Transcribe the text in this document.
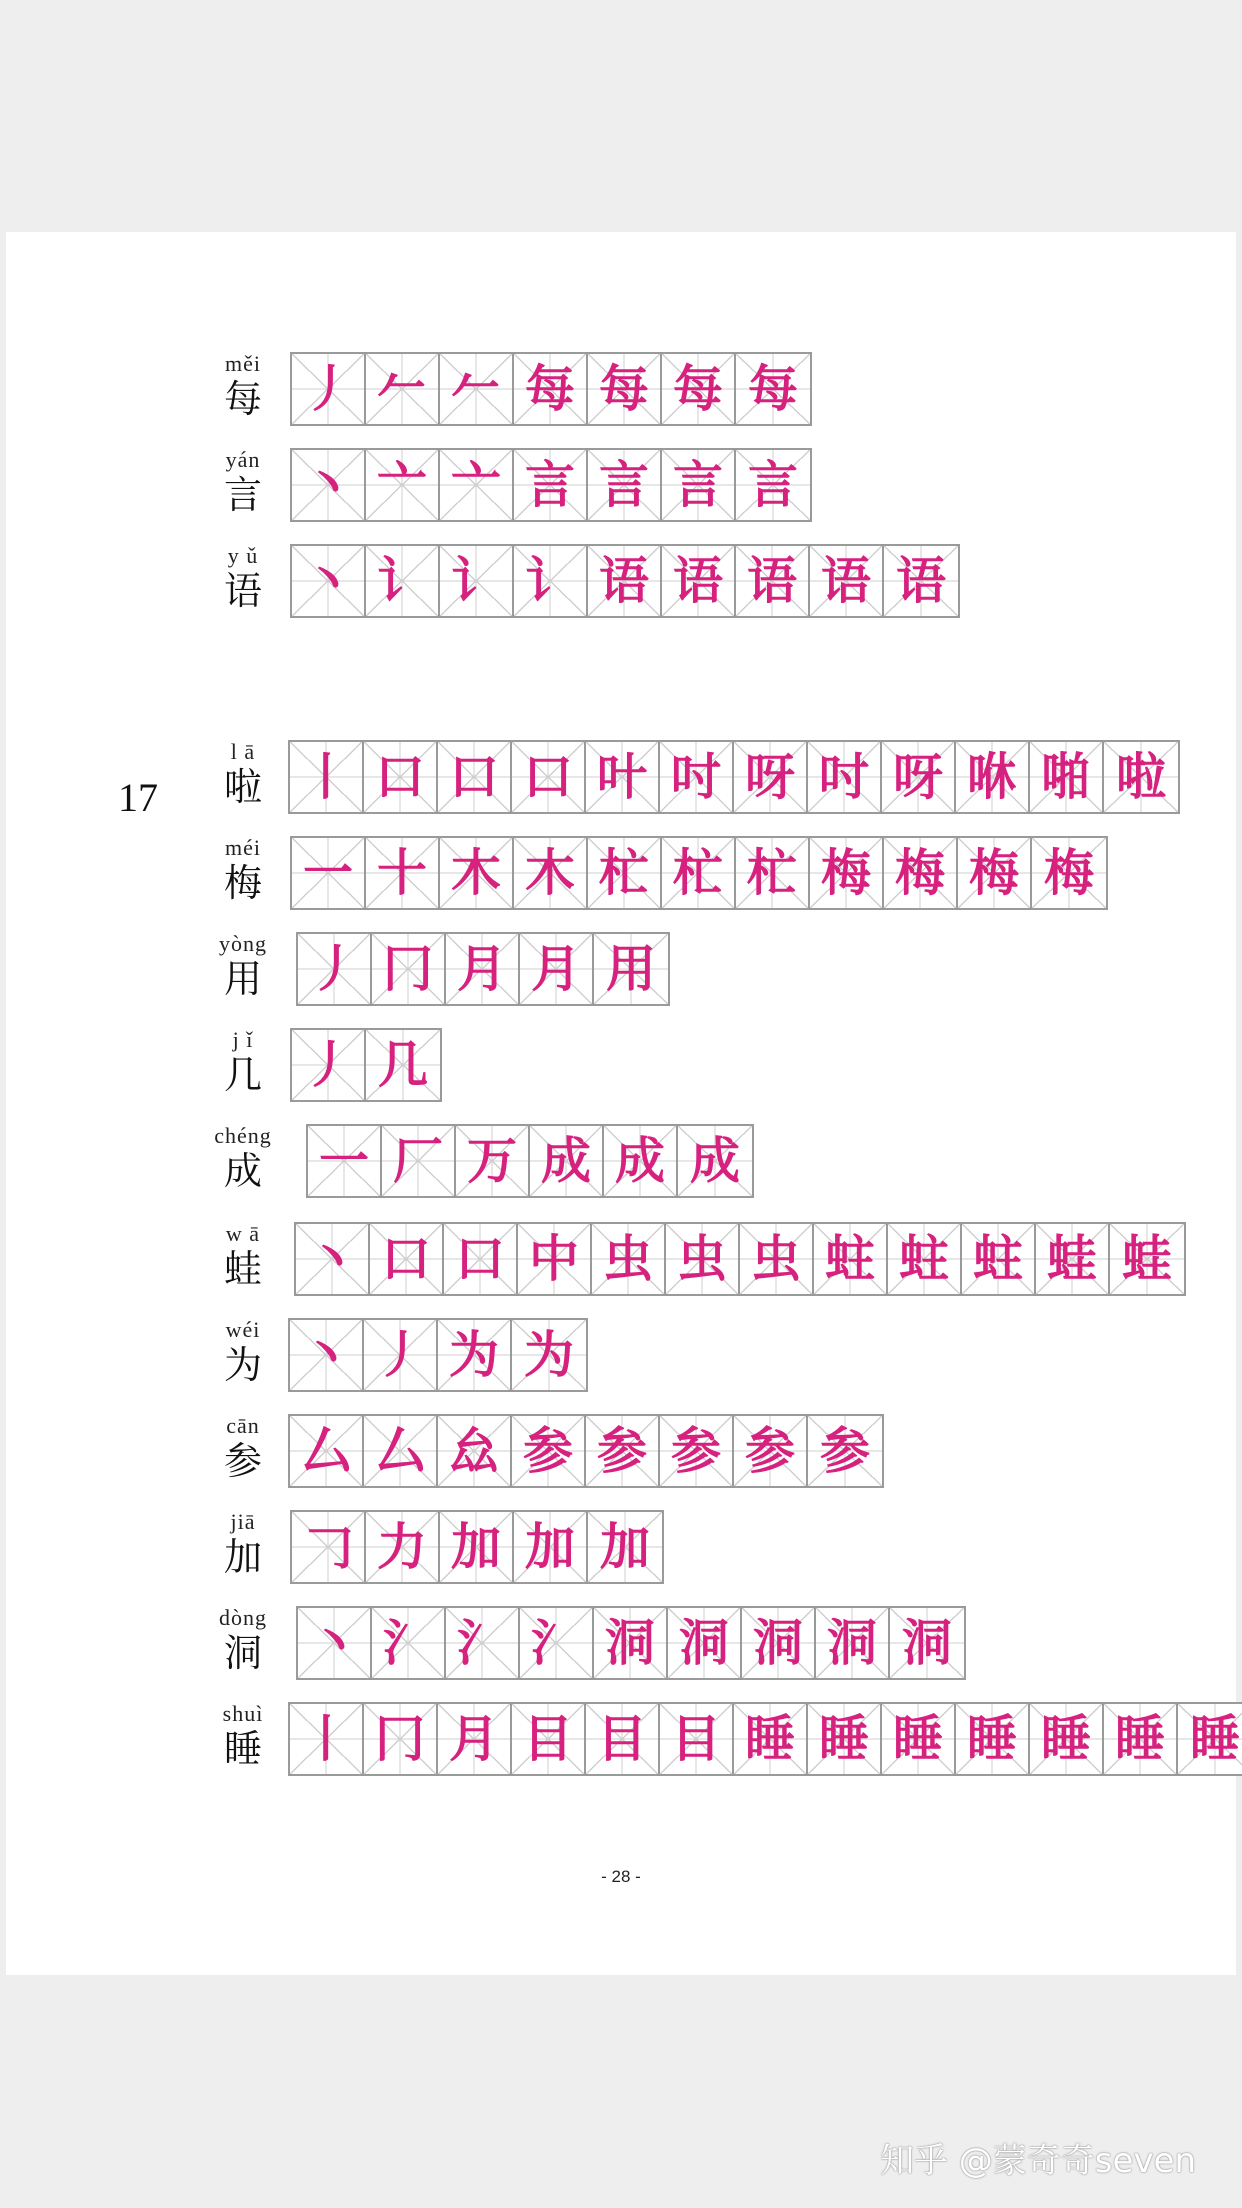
17
měi
每 丿 𠂉 𠂉 每 每 每 每
yán
言 丶 亠 亠 言 言 言 言
y ǔ
语 丶 讠 讠 讠 语 语 语 语 语
l ā
啦 丨 口 口 口 叶 吋 呀 吋 呀 咻 啪 啦
méi
梅 一 十 木 木 杧 杧 杧 梅 梅 梅 梅
yòng
用 丿 冂 月 月 用
j ǐ
几 丿 几
chéng
成	一 厂 万 成 成 成
w ā
蛙 丶 口 口 中 虫 虫 虫 蛀 蛀 蛀 蛙 蛙
wéi
为 丶 丿 为 为
cān
参 厶 厶 厽 参 参 参 参 参
jiā
加 𠃌 力 加 加 加
dòng
洞 丶 氵 氵 氵 洞 洞 洞 洞 洞
shuì
睡 丨 冂 月 目 目 目 睡 睡 睡 睡 睡 睡 睡
- 28 -
知乎 @蒙奇奇seven
